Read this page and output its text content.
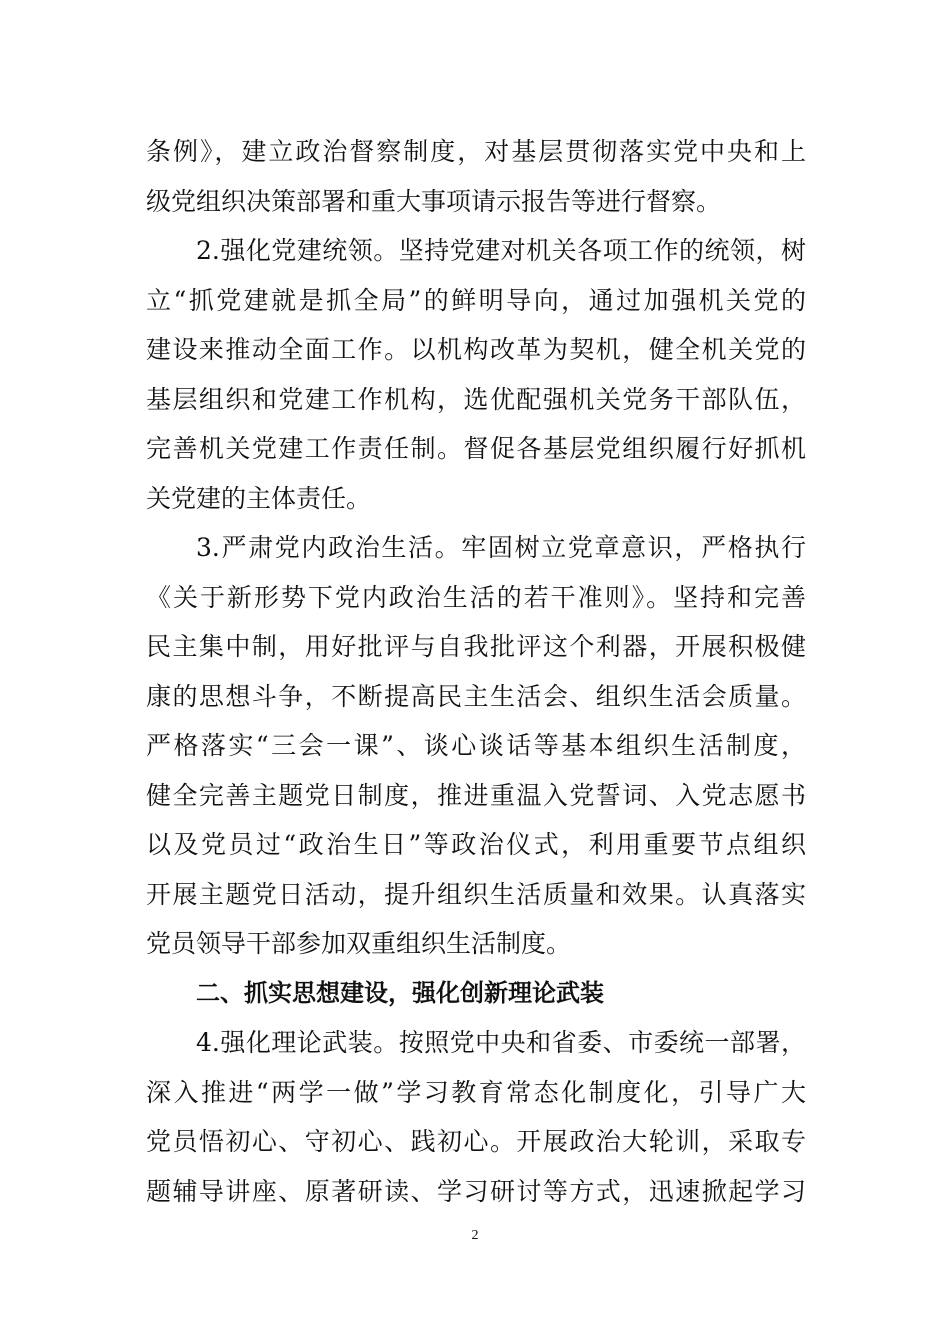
条例》，建立政治督察制度，对基层贯彻落实党中央和上
级党组织决策部署和重大事项请示报告等进行督察。
2.强化党建统领。坚持党建对机关各项工作的统领，树
立“抓党建就是抓全局”的鲜明导向，通过加强机关党的
建设来推动全面工作。以机构改革为契机，健全机关党的
基层组织和党建工作机构，选优配强机关党务干部队伍，
完善机关党建工作责任制。督促各基层党组织履行好抓机
关党建的主体责任。
3.严肃党内政治生活。牢固树立党章意识，严格执行
《关于新形势下党内政治生活的若干准则》。坚持和完善
民主集中制，用好批评与自我批评这个利器，开展积极健
康的思想斗争，不断提高民主生活会、组织生活会质量。
严格落实“三会一课”、谈心谈话等基本组织生活制度，
健全完善主题党日制度，推进重温入党誓词、入党志愿书
以及党员过“政治生日”等政治仪式，利用重要节点组织
开展主题党日活动，提升组织生活质量和效果。认真落实
党员领导干部参加双重组织生活制度。
二、抓实思想建设，强化创新理论武装
4.强化理论武装。按照党中央和省委、市委统一部署，
深入推进“两学一做”学习教育常态化制度化，引导广大
党员悟初心、守初心、践初心。开展政治大轮训，采取专
题辅导讲座、原著研读、学习研讨等方式，迅速掀起学习
2
